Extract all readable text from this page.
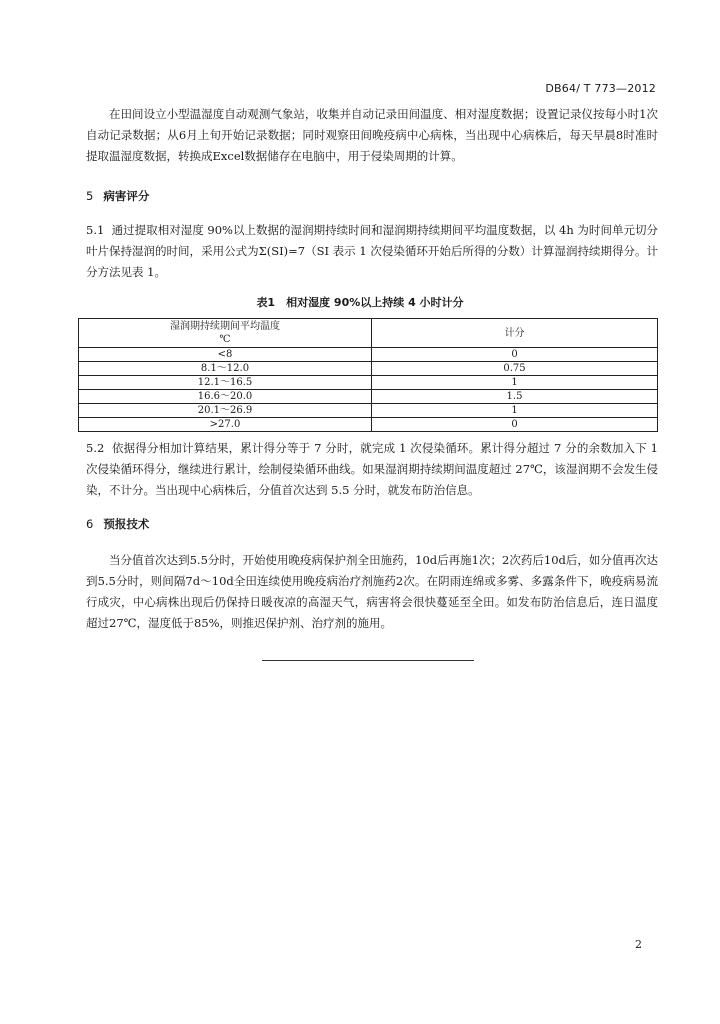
DB64/ T 773—2012

在田间设立小型温湿度自动观测气象站，收集并自动记录田间温度、相对湿度数据；设置记录仪按每小时1次自动记录数据；从6月上旬开始记录数据；同时观察田间晚疫病中心病株，当出现中心病株后，每天早晨8时准时提取温湿度数据，转换成Excel数据储存在电脑中，用于侵染周期的计算。

5 病害评分

5.1 通过提取相对湿度 90%以上数据的湿润期持续时间和湿润期持续期间平均温度数据，以 4h 为时间单元切分叶片保持湿润的时间，采用公式为Σ(SI)=7（SI 表示 1 次侵染循环开始后所得的分数）计算湿润持续期得分。计分方法见表 1。

表1　相对湿度 90%以上持续 4 小时计分
湿润期持续期间平均温度
℃	计分
<8	0
8.1～12.0	0.75
12.1～16.5	1
16.6～20.0	1.5
20.1～26.9	1
>27.0	0

5.2 依据得分相加计算结果，累计得分等于 7 分时，就完成 1 次侵染循环。累计得分超过 7 分的余数加入下 1 次侵染循环得分，继续进行累计，绘制侵染循环曲线。如果湿润期持续期间温度超过 27℃，该湿润期不会发生侵染，不计分。当出现中心病株后，分值首次达到 5.5 分时，就发布防治信息。

6 预报技术

当分值首次达到5.5分时，开始使用晚疫病保护剂全田施药，10d后再施1次；2次药后10d后，如分值再次达到5.5分时，则间隔7d～10d全田连续使用晚疫病治疗剂施药2次。在阴雨连绵或多雾、多露条件下，晚疫病易流行成灾，中心病株出现后仍保持日暖夜凉的高湿天气，病害将会很快蔓延至全田。如发布防治信息后，连日温度超过27℃，湿度低于85%，则推迟保护剂、治疗剂的施用。

2
